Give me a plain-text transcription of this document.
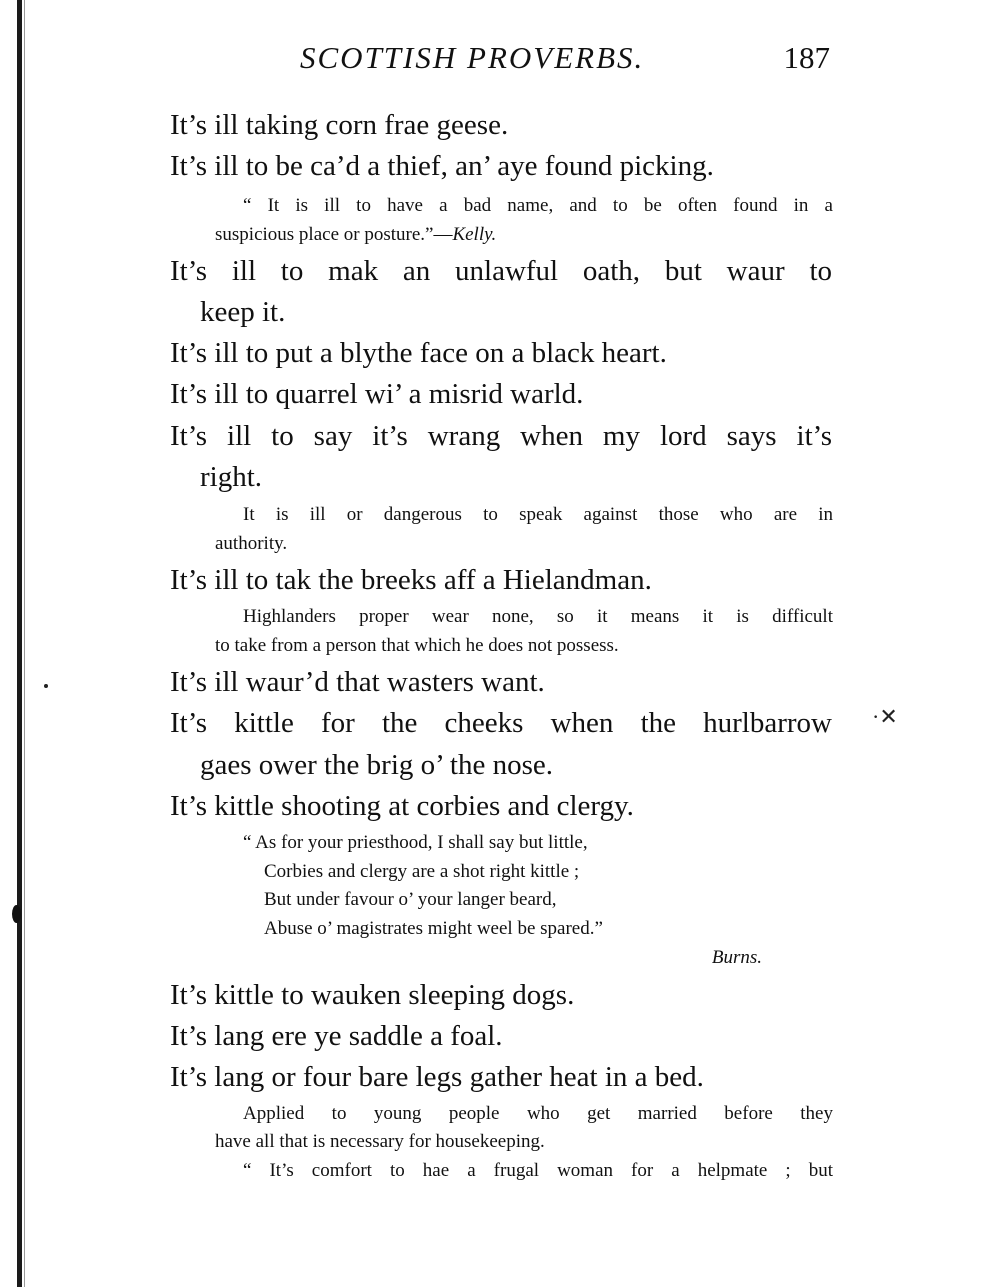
·✕
SCOTTISH PROVERBS.	187
It’s ill taking corn frae geese.
It’s ill to be ca’d a thief, an’ aye found picking.
“ It is ill to have a bad name, and to be often found in a
suspicious place or posture.”—Kelly.
It’s ill to mak an unlawful oath, but waur to
keep it.
It’s ill to put a blythe face on a black heart.
It’s ill to quarrel wi’ a misrid warld.
It’s ill to say it’s wrang when my lord says it’s
right.
It is ill or dangerous to speak against those who are in
authority.
It’s ill to tak the breeks aff a Hielandman.
Highlanders proper wear none, so it means it is difficult
to take from a person that which he does not possess.
It’s ill waur’d that wasters want.
It’s kittle for the cheeks when the hurlbarrow
gaes ower the brig o’ the nose.
It’s kittle shooting at corbies and clergy.
“ As for your priesthood, I shall say but little,
Corbies and clergy are a shot right kittle ;
But under favour o’ your langer beard,
Abuse o’ magistrates might weel be spared.”
Burns.
It’s kittle to wauken sleeping dogs.
It’s lang ere ye saddle a foal.
It’s lang or four bare legs gather heat in a bed.
Applied to young people who get married before they
have all that is necessary for housekeeping.
“ It’s comfort to hae a frugal woman for a helpmate ; but
